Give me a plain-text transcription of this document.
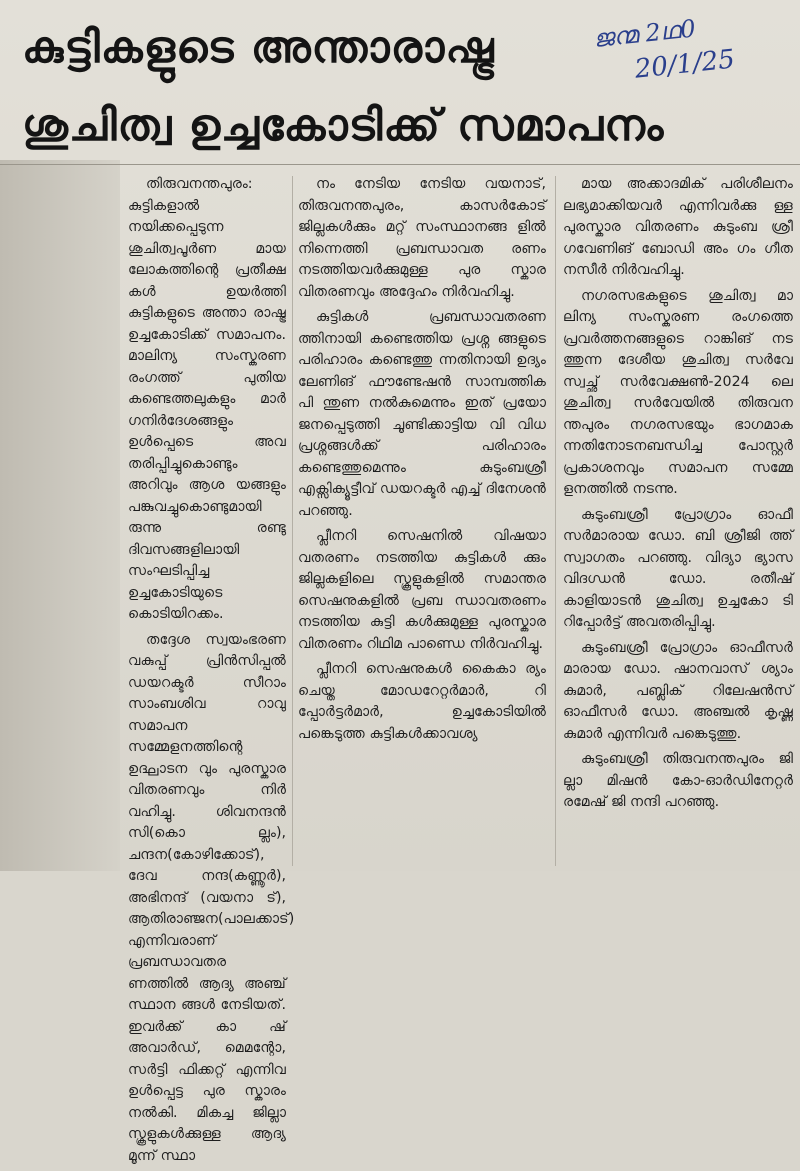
കുട്ടികളുടെ അന്താരാഷ്ട്ര
ശുചിത്വ ഉച്ചകോടിക്ക് സമാപനം
ജന്മ 2ഥ0
20/1/25

തിരുവനന്തപുരം: കുട്ടികളാൽ നയിക്കപ്പെടുന്ന ശുചിത്വപൂർണ മായ ലോകത്തിന്റെ പ്രതീക്ഷ കൾ ഉയർത്തി കുട്ടികളുടെ അന്താ രാഷ്ട്ര ഉച്ചകോടിക്ക് സമാപനം. മാലിന്യ സംസ്കരണ രംഗത്ത് പുതിയ കണ്ടെത്തലുകളും മാർ ഗനിർദേശങ്ങളും ഉൾപ്പെടെ അവ തരിപ്പിച്ചുകൊണ്ടും അറിവും ആശ യങ്ങളും പങ്കുവച്ചുകൊണ്ടുമായി രുന്നു രണ്ടു ദിവസങ്ങളിലായി സംഘടിപ്പിച്ച ഉച്ചകോടിയുടെ കൊടിയിറക്കം.

തദ്ദേശ സ്വയംഭരണ വകുപ്പ് പ്രിൻസിപ്പൽ ഡയറക്ടർ സീറാം സാംബശിവ റാവു സമാപന സമ്മേളനത്തിന്റെ ഉദ്ഘാടന വും പുരസ്കാര വിതരണവും നിർ വഹിച്ചു. ശിവനന്ദൻ സി(കൊ ല്ലം), ചന്ദന(കോഴിക്കോട്), ദേവ നന്ദ(കണ്ണൂർ), അഭിനന്ദ് (വയനാ ട്), ആതിരാഞ്ജന(പാലക്കാട്) എന്നിവരാണ് പ്രബന്ധാവതര ണത്തിൽ ആദ്യ അഞ്ച് സ്ഥാന ങ്ങൾ നേടിയത്. ഇവർക്ക് കാ ഷ് അവാർഡ്, മെമന്റോ, സർട്ടി ഫിക്കറ്റ് എന്നിവ ഉൾപ്പെട്ട പുര സ്കാരം നൽകി. മികച്ച ജില്ലാ സ്കൂളുകൾക്കുള്ള ആദ്യ മൂന്ന് സ്ഥാ

നം നേടിയ നേടിയ വയനാട്, തിരുവനന്തപുരം, കാസർകോട് ജില്ലകൾക്കും മറ്റ് സംസ്ഥാനങ്ങ ളിൽ നിന്നെത്തി പ്രബന്ധാവത രണം നടത്തിയവർക്കുമുള്ള പുര സ്കാര വിതരണവും അദ്ദേഹം നിർവഹിച്ചു.

കുട്ടികൾ പ്രബന്ധാവതരണ ത്തിനായി കണ്ടെത്തിയ പ്രശ്ന ങ്ങളുടെ പരിഹാരം കണ്ടെത്തു ന്നതിനായി ഉദ്യം ലേണിങ് ഫൗണ്ടേഷൻ സാമ്പത്തിക പി ന്തുണ നൽകുമെന്നും ഇത് പ്രയോ ജനപ്പെടുത്തി ചൂണ്ടിക്കാട്ടിയ വി വിധ പ്രശ്നങ്ങൾക്ക് പരിഹാരം കണ്ടെത്തുമെന്നും കുടുംബശ്രീ എക്സിക്യൂട്ടീവ് ഡയറക്ടർ എച്ച് ദിനേശൻ പറഞ്ഞു.

പ്ലീനറി സെഷനിൽ വിഷയാ വതരണം നടത്തിയ കുട്ടികൾ ക്കും ജില്ലകളിലെ സ്കൂളുകളിൽ സമാന്തര സെഷനുകളിൽ പ്രബ ന്ധാവതരണം നടത്തിയ കുട്ടി കൾക്കുമുള്ള പുരസ്കാര വിതരണം റിഥിമ പാണ്ഡെ നിർവഹിച്ചു.

പ്ലീനറി സെഷനുകൾ കൈകാ ര്യം ചെയ്ത മോഡറേറ്റർമാർ, റി പ്പോർട്ടർമാർ, ഉച്ചകോടിയിൽ പങ്കെടുത്ത കുട്ടികൾക്കാവശ്യ

മായ അക്കാദമിക് പരിശീലനം ലഭ്യമാക്കിയവർ എന്നിവർക്കു ള്ള പുരസ്കാര വിതരണം കുടുംബ ശ്രീ ഗവേണിങ് ബോഡി അം ഗം ഗീത നസീർ നിർവഹിച്ചു.

നഗരസഭകളുടെ ശുചിത്വ മാ ലിന്യ സംസ്കരണ രംഗത്തെ പ്രവർത്തനങ്ങളുടെ റാങ്കിങ് നട ത്തുന്ന ദേശീയ ശുചിത്വ സർവേ സ്വച്ഛ് സർവേക്ഷൺ-2024 ലെ ശുചിത്വ സർവേയിൽ തിരുവന ന്തപുരം നഗരസഭയും ഭാഗമാക ന്നതിനോടനബന്ധിച്ച പോസ്റ്റർ പ്രകാശനവും സമാപന സമ്മേ ളനത്തിൽ നടന്നു.

കുടുംബശ്രീ പ്രോഗ്രാം ഓഫീ സർമാരായ ഡോ. ബി ശ്രീജി ത്ത് സ്വാഗതം പറഞ്ഞു. വിദ്യാ ഭ്യാസ വിദഗ്ധൻ ഡോ. രതീഷ് കാളിയാടൻ ശുചിത്വ ഉച്ചകോ ടി റിപ്പോർട്ട് അവതരിപ്പിച്ചു.

കുടുംബശ്രീ പ്രോഗ്രാം ഓഫീസർ മാരായ ഡോ. ഷാനവാസ് ശ്യാം കുമാർ, പബ്ലിക് റിലേഷൻസ് ഓഫീസർ ഡോ. അഞ്ചൽ കൃഷ്ണ കുമാർ എന്നിവർ പങ്കെടുത്തു.

കുടുംബശ്രീ തിരുവനന്തപുരം ജി ല്ലാ മിഷൻ കോ-ഓർഡിനേറ്റർ രമേഷ് ജി നന്ദി പറഞ്ഞു.
